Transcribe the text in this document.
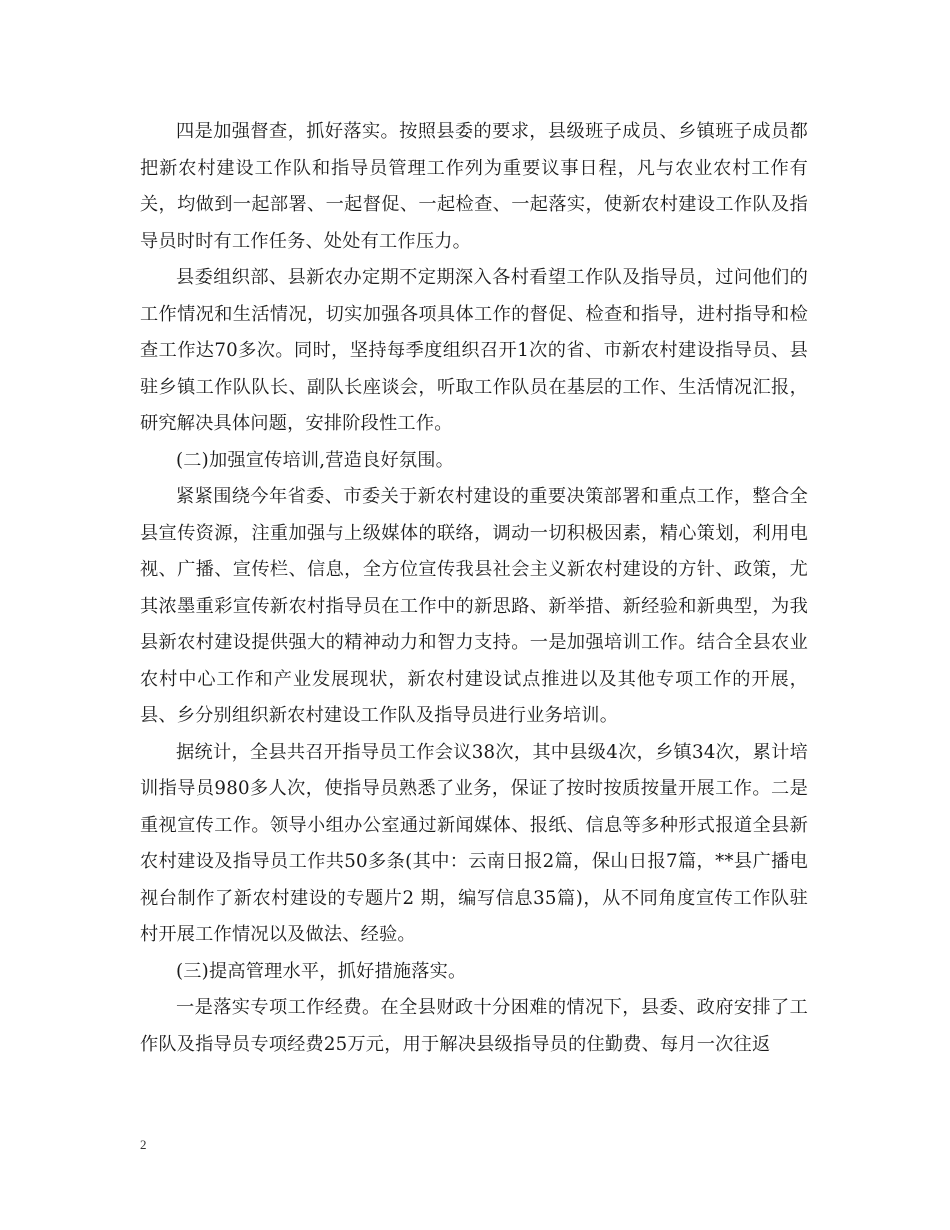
四是加强督查，抓好落实。按照县委的要求，县级班子成员、乡镇班子成员都把新农村建设工作队和指导员管理工作列为重要议事日程，凡与农业农村工作有关，均做到一起部署、一起督促、一起检查、一起落实，使新农村建设工作队及指导员时时有工作任务、处处有工作压力。

县委组织部、县新农办定期不定期深入各村看望工作队及指导员，过问他们的工作情况和生活情况，切实加强各项具体工作的督促、检查和指导，进村指导和检查工作达70多次。同时，坚持每季度组织召开1次的省、市新农村建设指导员、县驻乡镇工作队队长、副队长座谈会，听取工作队员在基层的工作、生活情况汇报，研究解决具体问题，安排阶段性工作。

(二)加强宣传培训,营造良好氛围。

紧紧围绕今年省委、市委关于新农村建设的重要决策部署和重点工作，整合全县宣传资源，注重加强与上级媒体的联络，调动一切积极因素，精心策划，利用电视、广播、宣传栏、信息，全方位宣传我县社会主义新农村建设的方针、政策，尤其浓墨重彩宣传新农村指导员在工作中的新思路、新举措、新经验和新典型，为我县新农村建设提供强大的精神动力和智力支持。一是加强培训工作。结合全县农业农村中心工作和产业发展现状，新农村建设试点推进以及其他专项工作的开展，县、乡分别组织新农村建设工作队及指导员进行业务培训。

据统计，全县共召开指导员工作会议38次，其中县级4次，乡镇34次，累计培训指导员980多人次，使指导员熟悉了业务，保证了按时按质按量开展工作。二是重视宣传工作。领导小组办公室通过新闻媒体、报纸、信息等多种形式报道全县新农村建设及指导员工作共50多条(其中：云南日报2篇，保山日报7篇，**县广播电视台制作了新农村建设的专题片2 期，编写信息35篇)，从不同角度宣传工作队驻村开展工作情况以及做法、经验。

(三)提高管理水平，抓好措施落实。

一是落实专项工作经费。在全县财政十分困难的情况下，县委、政府安排了工作队及指导员专项经费25万元，用于解决县级指导员的住勤费、每月一次往返

2
